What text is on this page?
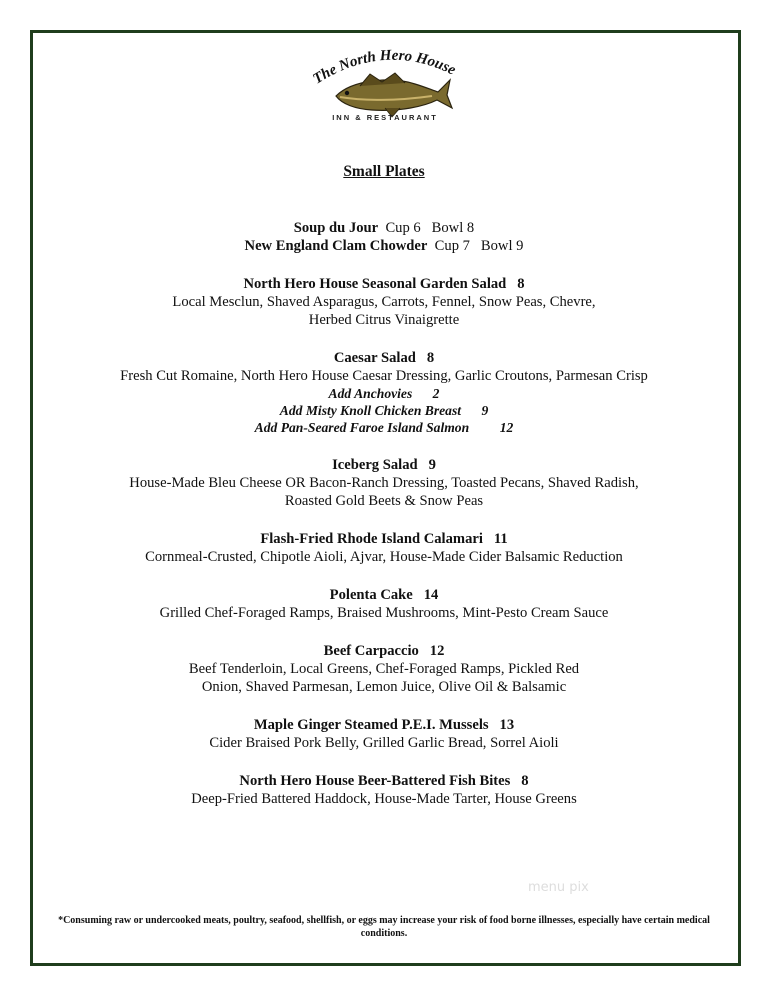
The North Hero House
INN & RESTAURANT
Small Plates

Soup du Jour Cup 6   Bowl 8

New England Clam Chowder Cup 7   Bowl 9

North Hero House Seasonal Garden Salad 8

Local Mesclun, Shaved Asparagus, Carrots, Fennel, Snow Peas, Chevre,

Herbed Citrus Vinaigrette

Caesar Salad 8

Fresh Cut Romaine, North Hero House Caesar Dressing, Garlic Croutons, Parmesan Crisp

Add Anchovies 2

Add Misty Knoll Chicken Breast 9

Add Pan-Seared Faroe Island Salmon 12

Iceberg Salad 9

House-Made Bleu Cheese OR Bacon-Ranch Dressing, Toasted Pecans, Shaved Radish,

Roasted Gold Beets & Snow Peas

Flash-Fried Rhode Island Calamari 11

Cornmeal-Crusted, Chipotle Aioli, Ajvar, House-Made Cider Balsamic Reduction

Polenta Cake 14

Grilled Chef-Foraged Ramps, Braised Mushrooms, Mint-Pesto Cream Sauce

Beef Carpaccio 12

Beef Tenderloin, Local Greens, Chef-Foraged Ramps, Pickled Red

Onion, Shaved Parmesan, Lemon Juice, Olive Oil & Balsamic

Maple Ginger Steamed P.E.I. Mussels 13

Cider Braised Pork Belly, Grilled Garlic Bread, Sorrel Aioli

North Hero House Beer-Battered Fish Bites 8

Deep-Fried Battered Haddock, House-Made Tarter, House Greens

menu pix
*Consuming raw or undercooked meats, poultry, seafood, shellfish, or eggs may increase your risk of food borne illnesses, especially have certain medical conditions.
